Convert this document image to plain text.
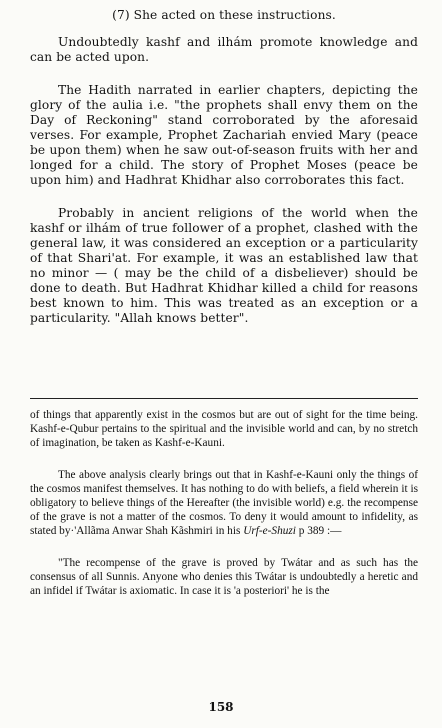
(7) She acted on these instructions.

Undoubtedly kashf and ilhám promote knowledge and can be acted upon.

The Hadith narrated in earlier chapters, depicting the glory of the aulia i.e. "the prophets shall envy them on the Day of Reckoning" stand corroborated by the aforesaid verses. For example, Prophet Zachariah envied Mary (peace be upon them) when he saw out-of-season fruits with her and longed for a child. The story of Prophet Moses (peace be upon him) and Hadhrat Khidhar also corroborates this fact.

Probably in ancient religions of the world when the kashf or ilhám of true follower of a prophet, clashed with the general law, it was considered an exception or a particularity of that Shari'at. For example, it was an established law that no minor — ( may be the child of a disbeliever) should be done to death. But Hadhrat Khidhar killed a child for reasons best known to him. This was treated as an exception or a particularity. "Allah knows better".

of things that apparently exist in the cosmos but are out of sight for the time being. Kashf-e-Qubur pertains to the spiritual and the invisible world and can, by no stretch of imagination, be taken as Kashf-e-Kauni.

The above analysis clearly brings out that in Kashf-e-Kauni only the things of the cosmos manifest themselves. It has nothing to do with beliefs, a field wherein it is obligatory to believe things of the Hereafter (the invisible world) e.g. the recompense of the grave is not a matter of the cosmos. To deny it would amount to infidelity, as stated by·'Allãma Anwar Shah Kãshmiri in his Urf-e-Shuzi p 389 :—

"The recompense of the grave is proved by Twátar and as such has the consensus of all Sunnis. Anyone who denies this Twátar is undoubtedly a heretic and an infidel if Twátar is axiomatic. In case it is 'a posteriori' he is the

158
